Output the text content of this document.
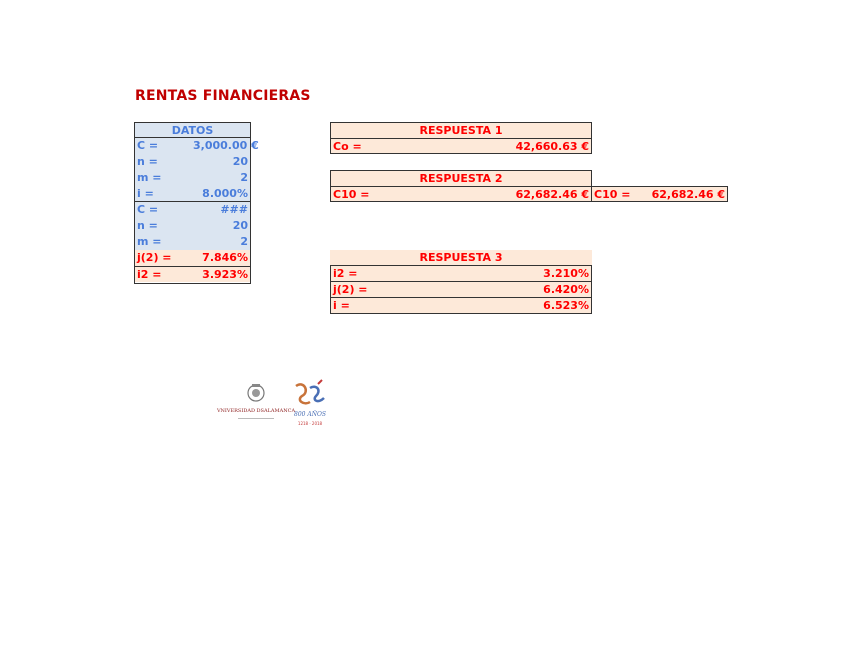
RENTAS FINANCIERAS
DATOS
C =	3,000.00 €
n =	20
m =	2
i =	8.000%
C =	###
n =	20
m =	2
j(2) =	7.846%
i2 =	3.923%
RESPUESTA 1
Co =	42,660.63 €
RESPUESTA 2
C10 =	62,682.46 € C10 =	62,682.46 €
RESPUESTA 3
i2 =	3.210%
j(2) =	6.420%
i =	6.523%
VNIVERSIDAD DSALAMANCA
800 AÑOS
1218 · 2018
